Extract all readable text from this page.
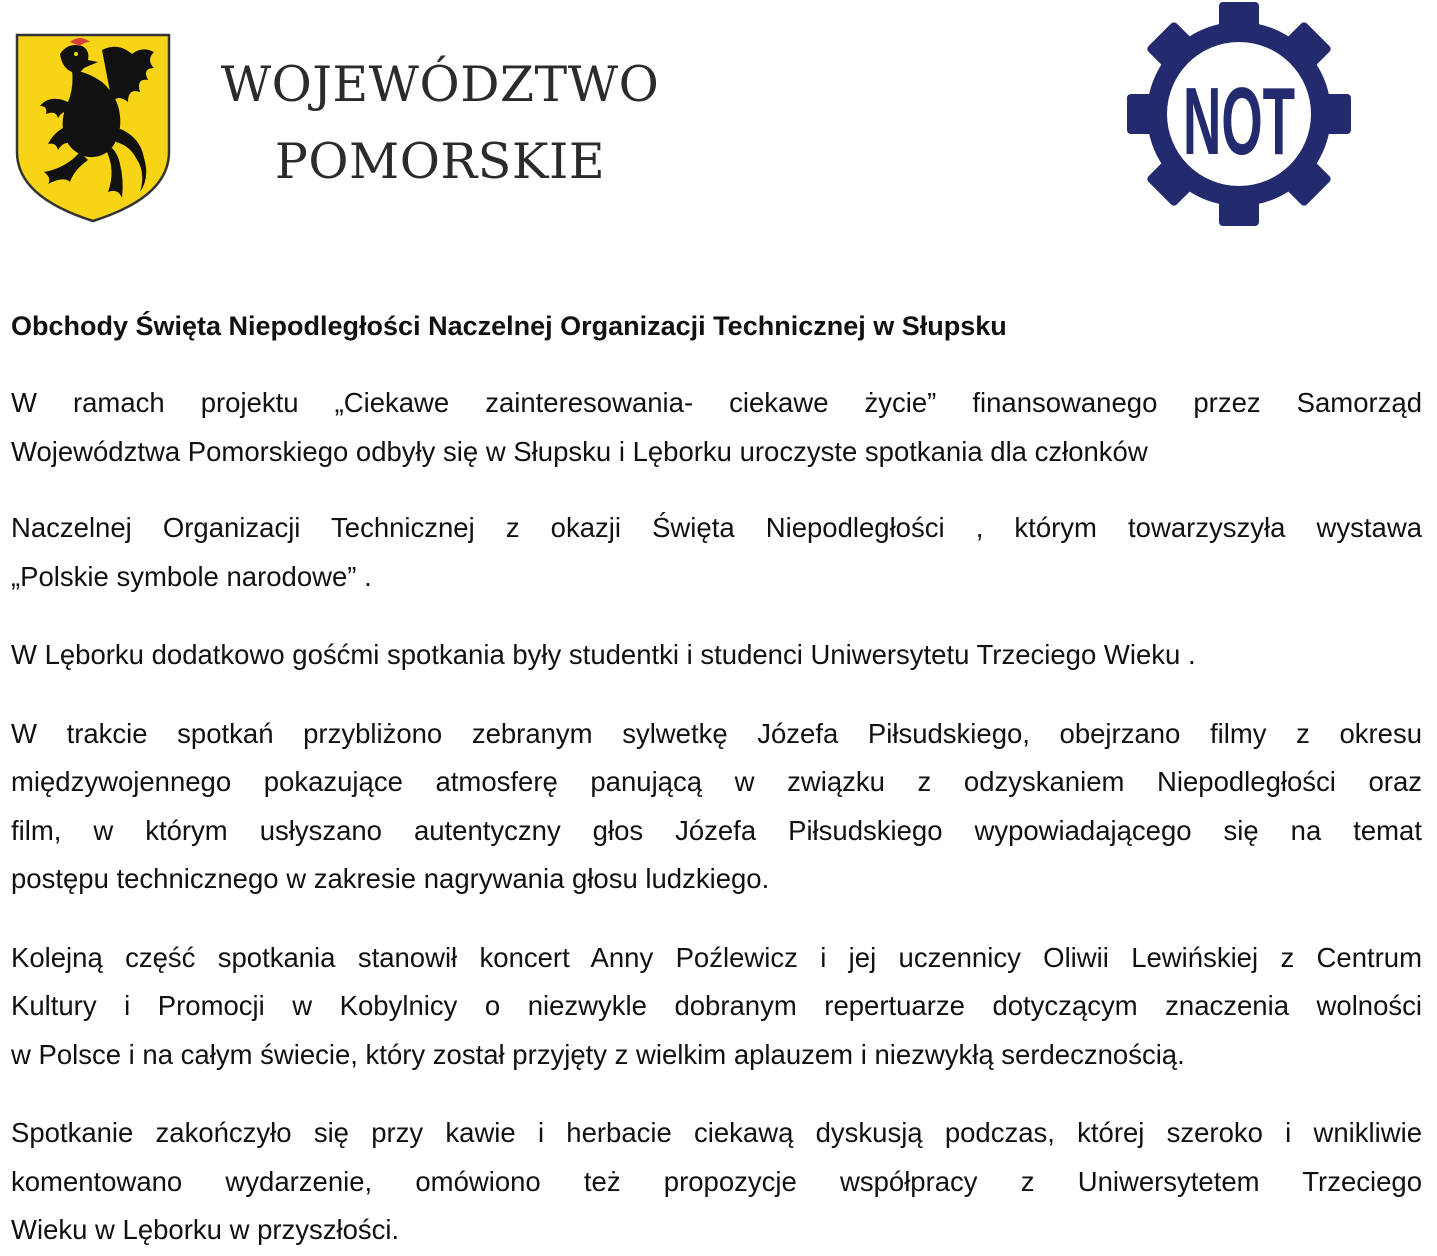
WOJEWÓDZTWO
POMORSKIE	NOT
Obchody Święta Niepodległości Naczelnej Organizacji Technicznej w Słupsku

W ramach projektu „Ciekawe zainteresowania- ciekawe życie” finansowanego przez Samorząd
Województwa Pomorskiego odbyły się w Słupsku i Lęborku uroczyste spotkania dla członków

Naczelnej Organizacji Technicznej z okazji Święta Niepodległości , którym towarzyszyła wystawa
„Polskie symbole narodowe” .

W Lęborku dodatkowo gośćmi spotkania były studentki i studenci Uniwersytetu Trzeciego Wieku .

W trakcie spotkań przybliżono zebranym sylwetkę Józefa Piłsudskiego, obejrzano filmy z okresu
międzywojennego pokazujące atmosferę panującą w związku z odzyskaniem Niepodległości oraz
film, w którym usłyszano autentyczny głos Józefa Piłsudskiego wypowiadającego się na temat
postępu technicznego w zakresie nagrywania głosu ludzkiego.

Kolejną część spotkania stanowił koncert Anny Poźlewicz i jej uczennicy Oliwii Lewińskiej z Centrum
Kultury i Promocji w Kobylnicy o niezwykle dobranym repertuarze dotyczącym znaczenia wolności
w Polsce i na całym świecie, który został przyjęty z wielkim aplauzem i niezwykłą serdecznością.

Spotkanie zakończyło się przy kawie i herbacie ciekawą dyskusją podczas, której szeroko i wnikliwie
komentowano wydarzenie, omówiono też propozycje współpracy z Uniwersytetem Trzeciego
Wieku w Lęborku w przyszłości.
